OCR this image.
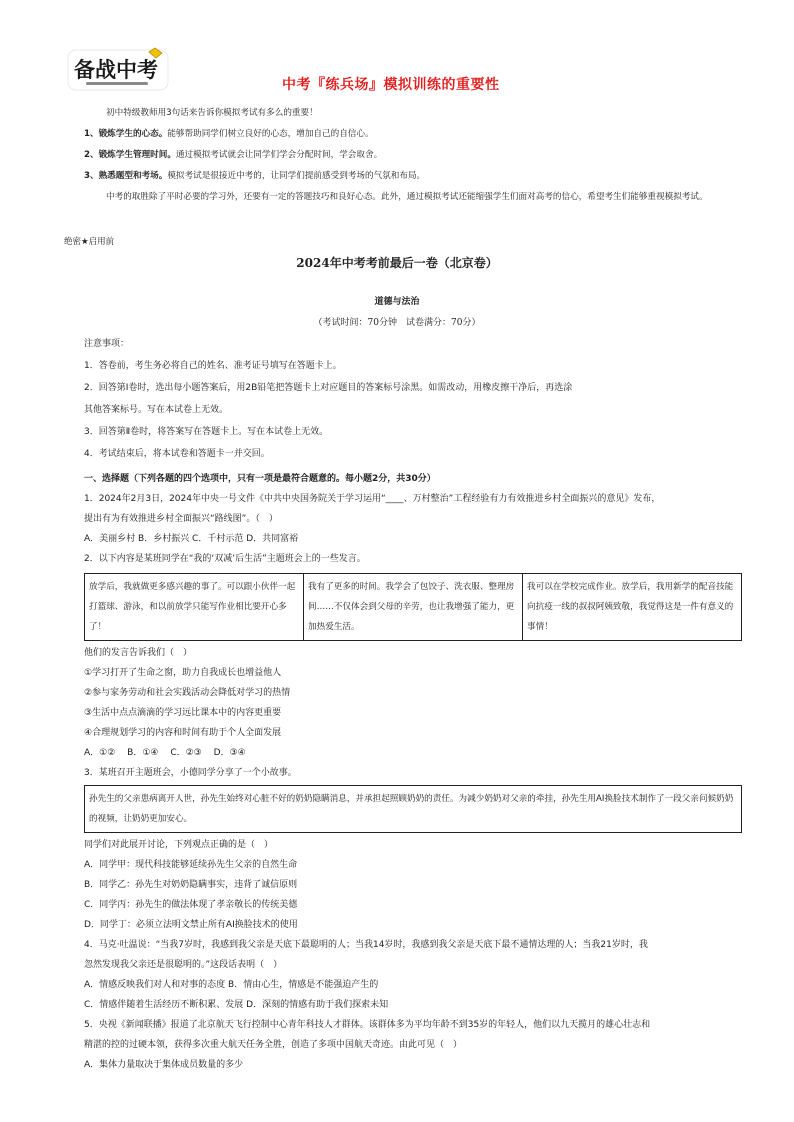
备战中考
中考『练兵场』模拟训练的重要性
初中特级教师用3句话来告诉你模拟考试有多么的重要！
1、锻炼学生的心态。能够帮助同学们树立良好的心态，增加自己的自信心。
2、锻炼学生管理时间。通过模拟考试就会让同学们学会分配时间，学会取舍。
3、熟悉题型和考场。模拟考试是很接近中考的，让同学们提前感受到考场的气氛和布局。
中考的取胜除了平时必要的学习外，还要有一定的答题技巧和良好心态。此外，通过模拟考试还能缩强学生们面对高考的信心，希望考生们能够重视模拟考试。
绝密★启用前
2024年中考考前最后一卷（北京卷）
道德与法治
（考试时间：70分钟　试卷满分：70分）
注意事项：
1．答卷前，考生务必将自己的姓名、准考证号填写在答题卡上。
2．回答第Ⅰ卷时，选出每小题答案后，用2B铅笔把答题卡上对应题目的答案标号涂黑。如需改动，用橡皮擦干净后，再选涂
其他答案标号。写在本试卷上无效。
3．回答第Ⅱ卷时，将答案写在答题卡上。写在本试卷上无效。
4．考试结束后，将本试卷和答题卡一并交回。
一、选择题（下列各题的四个选项中，只有一项是最符合题意的。每小题2分，共30分）
1．2024年2月3日，2024年中央一号文件《中共中央国务院关于学习运用“____、万村整治”工程经验有力有效推进乡村全面振兴的意见》发布，
提出有为有效推进乡村全面振兴“路线图”。（　）
A．美丽乡村 B．乡村振兴 C．千村示范 D．共同富裕
2．以下内容是某班同学在“我的‘双减’后生活”主题班会上的一些发言。
放学后，我就做更多感兴趣的事了。可以跟小伙伴一起打篮球、游泳，和以前放学只能写作业相比要开心多了！
我有了更多的时间。我学会了包饺子、洗衣服、整理房间……不仅体会到父母的辛劳，也让我增强了能力，更加热爱生活。
我可以在学校完成作业。放学后，我用新学的配音技能向抗疫一线的叔叔阿姨致敬，我觉得这是一件有意义的事情！
他们的发言告诉我们（　）
①学习打开了生命之窗，助力自我成长也增益他人
②参与家务劳动和社会实践活动会降低对学习的热情
③生活中点点滴滴的学习远比课本中的内容更重要
④合理规划学习的内容和时间有助于个人全面发展
A．①②　 B．①④　 C．②③　 D．③④
3．某班召开主题班会，小德同学分享了一个小故事。
孙先生的父亲患病离开人世，孙先生始终对心脏不好的奶奶隐瞒消息，并承担起照顾奶奶的责任。为减少奶奶对父亲的牵挂，孙先生用AI换脸技术制作了一段父亲问候奶奶的视频，让奶奶更加安心。
同学们对此展开讨论，下列观点正确的是（　）
A．同学甲：现代科技能够延续孙先生父亲的自然生命
B．同学乙：孙先生对奶奶隐瞒事实，违背了诚信原则
C．同学丙：孙先生的做法体现了孝亲敬长的传统美德
D．同学丁：必须立法明文禁止所有AI换脸技术的使用
4．马克·吐温说：“当我7岁时，我感到我父亲是天底下最聪明的人；当我14岁时，我感到我父亲是天底下最不通情达理的人；当我21岁时，我
忽然发现我父亲还是很聪明的。”这段话表明（　）
A．情感反映我们对人和对事的态度 B．情由心生，情感是不能强迫产生的
C．情感伴随着生活经历不断积累、发展 D．深刻的情感有助于我们探索未知
5．央视《新闻联播》报道了北京航天飞行控制中心青年科技人才群体。该群体多为平均年龄不到35岁的年轻人，他们以九天揽月的雄心壮志和
精湛的控的过硬本领，获得多次重大航天任务全胜，创造了多项中国航天奇迹。由此可见（　）
A．集体力量取决于集体成员数量的多少
